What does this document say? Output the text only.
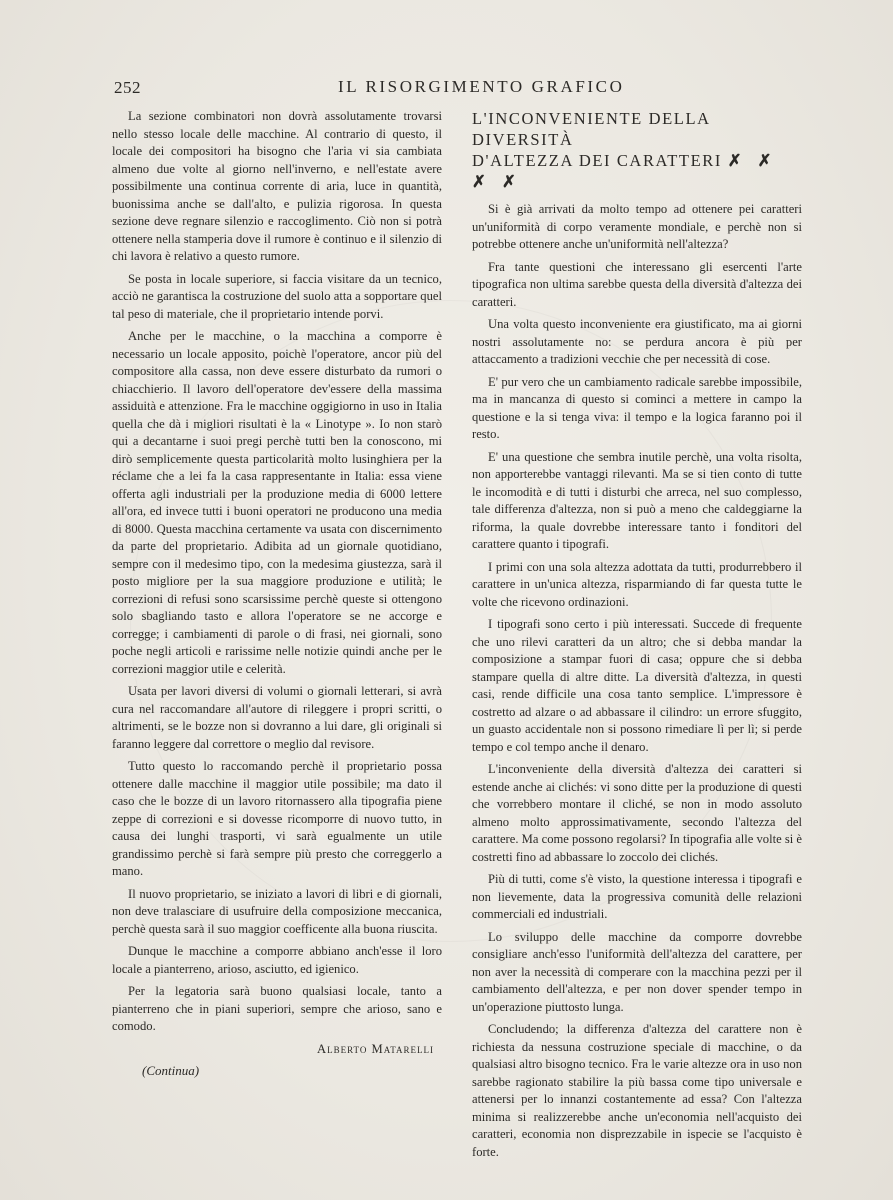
252	IL RISORGIMENTO GRAFICO

La sezione combinatori non dovrà assolutamente trovarsi nello stesso locale delle macchine. Al contrario di questo, il locale dei compositori ha bisogno che l'aria vi sia cambiata almeno due volte al giorno nell'inverno, e nell'estate avere possibilmente una continua corrente di aria, luce in quantità, buonissima anche se dall'alto, e pulizia rigorosa. In questa sezione deve regnare silenzio e raccoglimento. Ciò non si potrà ottenere nella stamperia dove il rumore è continuo e il silenzio di chi lavora è relativo a questo rumore.

Se posta in locale superiore, si faccia visitare da un tecnico, acciò ne garantisca la costruzione del suolo atta a sopportare quel tal peso di materiale, che il proprietario intende porvi.

Anche per le macchine, o la macchina a comporre è necessario un locale apposito, poichè l'operatore, ancor più del compositore alla cassa, non deve essere disturbato da rumori o chiacchierio. Il lavoro dell'operatore dev'essere della massima assiduità e attenzione. Fra le macchine oggigiorno in uso in Italia quella che dà i migliori risultati è la « Linotype ». Io non starò qui a decantarne i suoi pregi perchè tutti ben la conoscono, mi dirò semplicemente questa particolarità molto lusinghiera per la réclame che a lei fa la casa rappresentante in Italia: essa viene offerta agli industriali per la produzione media di 6000 lettere all'ora, ed invece tutti i buoni operatori ne producono una media di 8000. Questa macchina certamente va usata con discernimento da parte del proprietario. Adibita ad un giornale quotidiano, sempre con il medesimo tipo, con la medesima giustezza, sarà il posto migliore per la sua maggiore produzione e utilità; le correzioni di refusi sono scarsissime perchè queste si ottengono solo sbagliando tasto e allora l'operatore se ne accorge e corregge; i cambiamenti di parole o di frasi, nei giornali, sono poche negli articoli e rarissime nelle notizie quindi anche per le correzioni maggior utile e celerità.

Usata per lavori diversi di volumi o giornali letterari, si avrà cura nel raccomandare all'autore di rileggere i propri scritti, o altrimenti, se le bozze non si dovranno a lui dare, gli originali si faranno leggere dal correttore o meglio dal revisore.

Tutto questo lo raccomando perchè il proprietario possa ottenere dalle macchine il maggior utile possibile; ma dato il caso che le bozze di un lavoro ritornassero alla tipografia piene zeppe di correzioni e si dovesse ricomporre di nuovo tutto, in causa dei lunghi trasporti, vi sarà egualmente un utile grandissimo perchè si farà sempre più presto che correggerlo a mano.

Il nuovo proprietario, se iniziato a lavori di libri e di giornali, non deve tralasciare di usufruire della composizione meccanica, perchè questa sarà il suo maggior coefficente alla buona riuscita.

Dunque le macchine a comporre abbiano anch'esse il loro locale a pianterreno, arioso, asciutto, ed igienico.

Per la legatoria sarà buono qualsiasi locale, tanto a pianterreno che in piani superiori, sempre che arioso, sano e comodo.

Alberto Matarelli
(Continua)
L'INCONVENIENTE DELLA DIVERSITÀ
D'ALTEZZA DEI CARATTERI ✗ ✗ ✗ ✗

Si è già arrivati da molto tempo ad ottenere pei caratteri un'uniformità di corpo veramente mondiale, e perchè non si potrebbe ottenere anche un'uniformità nell'altezza?

Fra tante questioni che interessano gli esercenti l'arte tipografica non ultima sarebbe questa della diversità d'altezza dei caratteri.

Una volta questo inconveniente era giustificato, ma ai giorni nostri assolutamente no: se perdura ancora è più per attaccamento a tradizioni vecchie che per necessità di cose.

E' pur vero che un cambiamento radicale sarebbe impossibile, ma in mancanza di questo si cominci a mettere in campo la questione e la si tenga viva: il tempo e la logica faranno poi il resto.

E' una questione che sembra inutile perchè, una volta risolta, non apporterebbe vantaggi rilevanti. Ma se si tien conto di tutte le incomodità e di tutti i disturbi che arreca, nel suo complesso, tale differenza d'altezza, non si può a meno che caldeggiarne la riforma, la quale dovrebbe interessare tanto i fonditori del carattere quanto i tipografi.

I primi con una sola altezza adottata da tutti, produrrebbero il carattere in un'unica altezza, risparmiando di far questa tutte le volte che ricevono ordinazioni.

I tipografi sono certo i più interessati. Succede di frequente che uno rilevi caratteri da un altro; che si debba mandar la composizione a stampar fuori di casa; oppure che si debba stampare quella di altre ditte. La diversità d'altezza, in questi casi, rende difficile una cosa tanto semplice. L'impressore è costretto ad alzare o ad abbassare il cilindro: un errore sfuggito, un guasto accidentale non si possono rimediare lì per lì; si perde tempo e col tempo anche il denaro.

L'inconveniente della diversità d'altezza dei caratteri si estende anche ai clichés: vi sono ditte per la produzione di questi che vorrebbero montare il cliché, se non in modo assoluto almeno molto approssimativamente, secondo l'altezza del carattere. Ma come possono regolarsi? In tipografia alle volte si è costretti fino ad abbassare lo zoccolo dei clichés.

Più di tutti, come s'è visto, la questione interessa i tipografi e non lievemente, data la progressiva comunità delle relazioni commerciali ed industriali.

Lo sviluppo delle macchine da comporre dovrebbe consigliare anch'esso l'uniformità dell'altezza del carattere, per non aver la necessità di comperare con la macchina pezzi per il cambiamento dell'altezza, e per non dover spender tempo in un'operazione piuttosto lunga.

Concludendo; la differenza d'altezza del carattere non è richiesta da nessuna costruzione speciale di macchine, o da qualsiasi altro bisogno tecnico. Fra le varie altezze ora in uso non sarebbe ragionato stabilire la più bassa come tipo universale e attenersi per lo innanzi costantemente ad essa? Con l'altezza minima si realizzerebbe anche un'economia nell'acquisto dei caratteri, economia non disprezzabile in ispecie se l'acquisto è forte.
